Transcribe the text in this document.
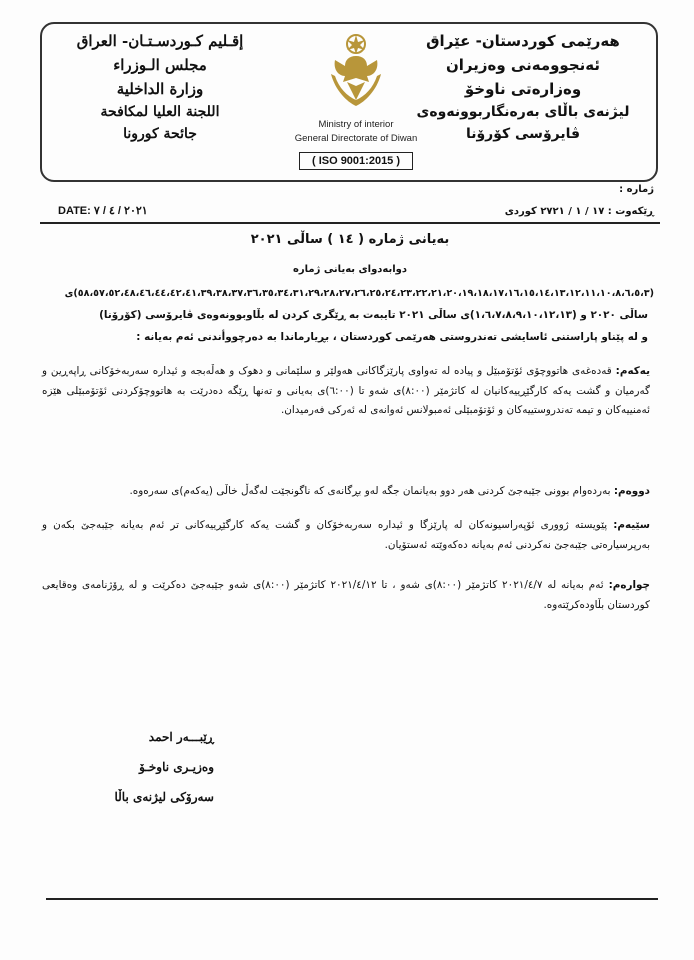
هەرێمی کوردستان- عێراق
ئەنجوومەنی وەزیران
وەزارەتی ناوخۆ
لیژنەی باڵای بەرەنگاربوونەوەی
ڤایرۆسی کۆرۆنا
إقـليم كـوردسـتـان- العراق
مجلس الـوزراء
وزارة الداخلية
اللجنة العليا لمكافحة
جائحة كورونا
Ministry of interior
General Directorate of Diwan
( ISO 9001:2015 )
ژمارە :
ڕێکەوت : ١٧ / ١ / ٢٧٢١ کوردی
DATE: ٢٠٢١ / ٤ / ٧
بەیانی ژمارە ( ١٤ ) ساڵی ٢٠٢١
دوابەدوای بەیانی ژمارە
(٥٨،٥٧،٥٢،٤٨،٤٦،٤٤،٤٢،٤١،٣٩،٣٨،٣٧،٣٦،٣٥،٣٤،٣١،٢٩،٢٨،٢٧،٢٦،٢٥،٢٤،٢٣،٢٢،٢١،٢٠،١٩،١٨،١٧،١٦،١٥،١٤،١٣،١٢،١١،١٠،٨،٦،٥،٣)ی
ساڵی ٢٠٢٠ و (١،٦،٧،٨،٩،١٠،١٢،١٣)ی ساڵی ٢٠٢١ تایبەت بە ڕێگری کردن لە بڵاوبوونەوەی ڤایرۆسی (کۆرۆنا)
و لە پێناو پاراستنی ئاسایشی تەندروستی هەرێمی کوردستان ، بڕیارماندا بە دەرچووأندنی ئەم بەیانە :
یەکەم: قەدەغەی هاتووچۆی ئۆتۆمبێل و پیادە لە تەواوی پارێزگاکانی هەولێر و سلێمانی و دهوک و هەڵەبجە و ئیدارە سەربەخۆکانی ڕاپەڕین و گەرمیان و گشت یەکە کارگێڕییەکانیان لە کاتژمێر (٨:٠٠)ی شەو تا (٦:٠٠)ی بەیانی و تەنها ڕێگە دەدرێت بە هاتووچۆکردنی ئۆتۆمبێلی هێزە ئەمنییەکان و تیمە تەندروستییەکان و ئۆتۆمبێلی ئەمبولانس ئەوانەی لە ئەرکی فەرمیدان.
دووەم: بەردەوام بوونی جێبەجێ کردنی هەر دوو بەیانمان جگە لەو بڕگانەی کە ناگونجێت لەگەڵ خاڵی (یەکەم)ی سەرەوە.
سێیەم: پێویستە ژووری ئۆپەراسیونەکان لە پارێزگا و ئیدارە سەربەخۆکان و گشت یەکە کارگێڕییەکانی تر ئەم بەیانە جێبەجێ بکەن و بەرپرسیارەتی جێبەجێ نەکردنی ئەم بەیانە دەکەوێتە ئەستۆیان.
چوارەم: ئەم بەیانە لە ٢٠٢١/٤/٧ کاتژمێر (٨:٠٠)ی شەو ، تا ٢٠٢١/٤/١٢ کاتژمێر (٨:٠٠)ی شەو جێبەجێ دەکرێت و لە ڕۆژنامەی وەقایعی کوردستان بڵاودەکرێتەوە.
ڕێبـــەر احمد
وەزیـری ناوخـۆ
سەرۆکی لیژنەی باڵا
